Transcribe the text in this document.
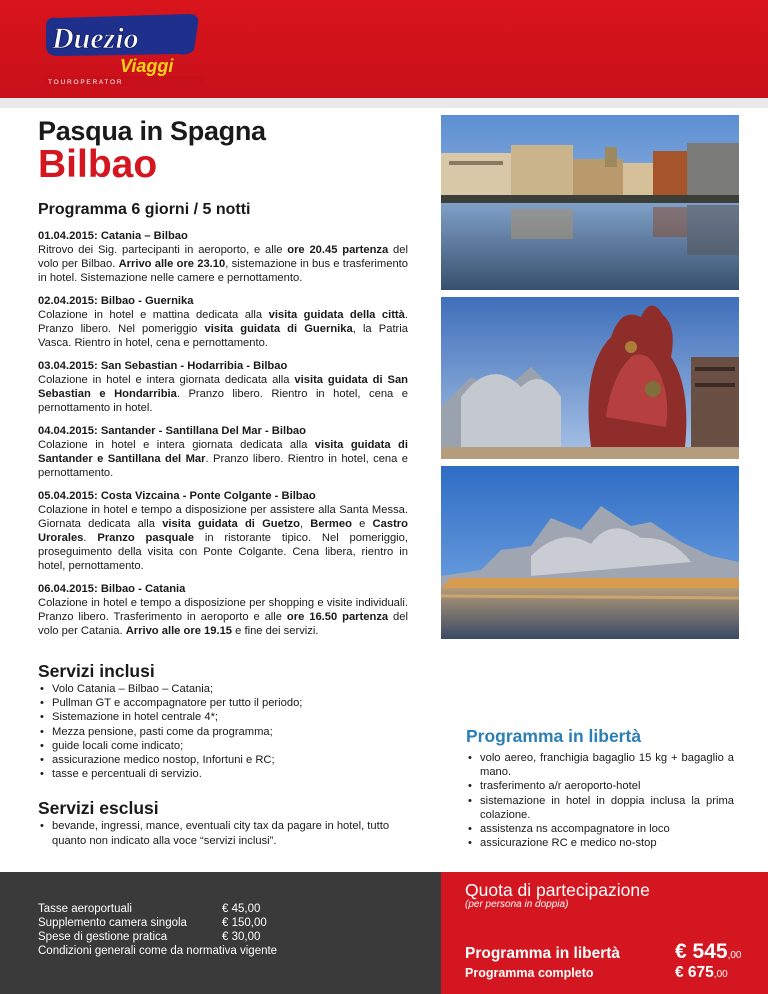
Duezio
Viaggi
T O U R O P E R A T O R
Pasqua in Spagna
Bilbao
Programma 6 giorni / 5 notti
01.04.2015: Catania – Bilbao
Ritrovo dei Sig. partecipanti in aeroporto, e alle ore 20.45 partenza del volo per Bilbao. Arrivo alle ore 23.10, sistemazione in bus e trasferimento in hotel. Sistemazione nelle camere e pernottamento.
02.04.2015: Bilbao - Guernika
Colazione in hotel e mattina dedicata alla visita guidata della città. Pranzo libero. Nel pomeriggio visita guidata di Guernika, la Patria Vasca. Rientro in hotel, cena e pernottamento.
03.04.2015: San Sebastian - Hodarribia - Bilbao
Colazione in hotel e intera giornata dedicata alla visita guidata di San Sebastian e Hondarribia. Pranzo libero. Rientro in hotel, cena e pernottamento in hotel.
04.04.2015: Santander - Santillana Del Mar - Bilbao
Colazione in hotel e intera giornata dedicata alla visita guidata di Santander e Santillana del Mar. Pranzo libero. Rientro in hotel, cena e pernottamento.
05.04.2015: Costa Vizcaina - Ponte Colgante - Bilbao
Colazione in hotel e tempo a disposizione per assistere alla Santa Messa. Giornata dedicata alla visita guidata di Guetzo, Bermeo e Castro Urorales. Pranzo pasquale in ristorante tipico. Nel pomeriggio, proseguimento della visita con Ponte Colgante. Cena libera, rientro in hotel, pernottamento.
06.04.2015: Bilbao - Catania
Colazione in hotel e tempo a disposizione per shopping e visite individuali. Pranzo libero. Trasferimento in aeroporto e alle ore 16.50 partenza del volo per Catania. Arrivo alle ore 19.15 e fine dei servizi.
Servizi inclusi
• Volo Catania – Bilbao – Catania;
• Pullman GT e accompagnatore per tutto il periodo;
• Sistemazione in hotel centrale 4*;
• Mezza pensione, pasti come da programma;
• guide locali come indicato;
• assicurazione medico nostop, Infortuni e RC;
• tasse e percentuali di servizio.
Servizi esclusi
• bevande, ingressi, mance, eventuali city tax da pagare in hotel, tutto quanto non indicato alla voce “servizi inclusi”.

Programma in libertà
• volo aereo, franchigia bagaglio 15 kg + bagaglio a mano.
• trasferimento a/r aeroporto-hotel
• sistemazione in hotel in doppia inclusa la prima colazione.
• assistenza ns accompagnatore in loco
• assicurazione RC e medico no-stop
Tasse aeroportuali	€ 45,00
Supplemento camera singola	€ 150,00
Spese di gestione pratica	€ 30,00
Condizioni generali come da normativa vigente
Quota di partecipazione
(per persona in doppia)
Programma in libertà	€ 545,00
Programma completo	€ 675,00
